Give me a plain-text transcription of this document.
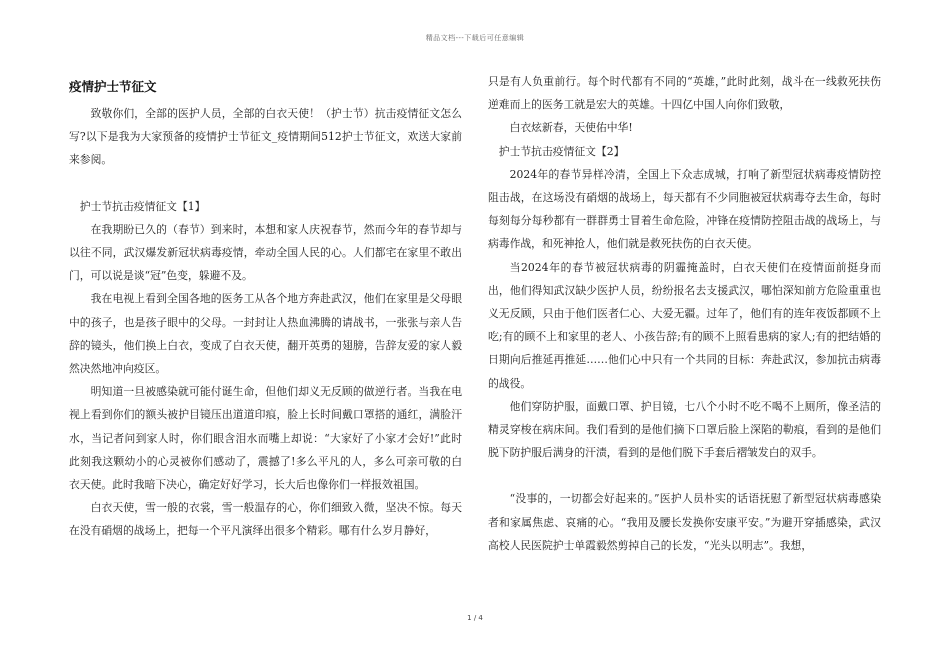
精品文档---下载后可任意编辑
疫情护士节征文

致敬你们，全部的医护人员，全部的白衣天使！（护士节）抗击疫情征文怎么写?以下是我为大家预备的疫情护士节征文_疫情期间512护士节征文，欢送大家前来参阅。

护士节抗击疫情征文【1】

在我期盼已久的（春节）到来时，本想和家人庆祝春节，然而今年的春节却与以往不同，武汉爆发新冠状病毒疫情，牵动全国人民的心。人们都宅在家里不敢出门，可以说是谈“冠”色变，躲避不及。

我在电视上看到全国各地的医务工从各个地方奔赴武汉，他们在家里是父母眼中的孩子，也是孩子眼中的父母。一封封让人热血沸腾的请战书，一张张与亲人告辞的镜头，他们换上白衣，变成了白衣天使，翻开英勇的翅膀，告辞友爱的家人毅然决然地冲向疫区。

明知道一旦被感染就可能付诞生命，但他们却义无反顾的做逆行者。当我在电视上看到你们的额头被护目镜压出道道印痕，脸上长时间戴口罩搭的通红，满脸汗水，当记者问到家人时，你们眼含泪水而嘴上却说：“大家好了小家才会好!”此时此刻我这颗幼小的心灵被你们感动了，震撼了!多么平凡的人，多么可亲可敬的白衣天使。此时我暗下决心，确定好好学习，长大后也像你们一样报效祖国。

白衣天使，雪一般的衣裳，雪一般温存的心，你们细致入微，坚决不惊。每天在没有硝烟的战场上，把每一个平凡演绎出很多个精彩。哪有什么岁月静好，

只是有人负重前行。每个时代都有不同的“英雄，”此时此刻，战斗在一线救死扶伤逆难而上的医务工就是宏大的英雄。十四亿中国人向你们致敬，

白衣炫新春，天使佑中华!

护士节抗击疫情征文【2】

2024年的春节异样冷清，全国上下众志成城，打响了新型冠状病毒疫情防控阻击战，在这场没有硝烟的战场上，每天都有不少同胞被冠状病毒夺去生命，每时每刻每分每秒都有一群群勇士冒着生命危险，冲锋在疫情防控阻击战的战场上，与病毒作战，和死神抢人，他们就是救死扶伤的白衣天使。

当2024年的春节被冠状病毒的阴霾掩盖时，白衣天使们在疫情面前挺身而出，他们得知武汉缺少医护人员，纷纷报名去支援武汉，哪怕深知前方危险重重也义无反顾，只由于他们医者仁心、大爱无疆。过年了，他们有的连年夜饭都顾不上吃;有的顾不上和家里的老人、小孩告辞;有的顾不上照看患病的家人;有的把结婚的日期向后推延再推延……他们心中只有一个共同的目标：奔赴武汉，参加抗击病毒的战役。

他们穿防护服，面戴口罩、护目镜，七八个小时不吃不喝不上厕所，像圣洁的精灵穿梭在病床间。我们看到的是他们摘下口罩后脸上深陷的勒痕，看到的是他们脱下防护服后满身的汗渍，看到的是他们脱下手套后褶皱发白的双手。

“没事的，一切都会好起来的。”医护人员朴实的话语抚慰了新型冠状病毒感染者和家属焦虑、哀痛的心。“我用及腰长发换你安康平安。”为避开穿插感染，武汉高校人民医院护士单霞毅然剪掉自己的长发，“光头以明志”。我想，

1 / 4
